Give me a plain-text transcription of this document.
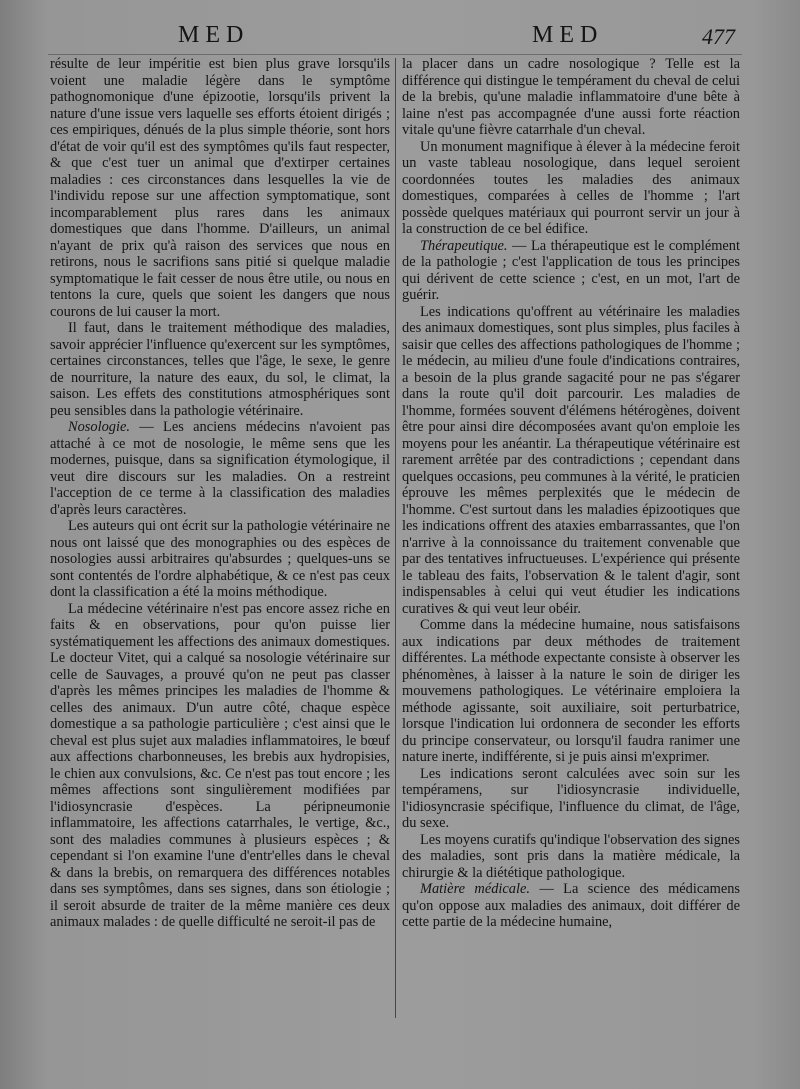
MED	MED	477

résulte de leur impéritie est bien plus grave lorsqu'ils voient une maladie légère dans le symptôme pathognomonique d'une épizootie, lorsqu'ils privent la nature d'une issue vers laquelle ses efforts étoient dirigés ; ces empiriques, dénués de la plus simple théorie, sont hors d'état de voir qu'il est des symptômes qu'ils faut respecter, & que c'est tuer un animal que d'extirper certaines maladies : ces circonstances dans lesquelles la vie de l'individu repose sur une affection symptomatique, sont incomparablement plus rares dans les animaux domestiques que dans l'homme. D'ailleurs, un animal n'ayant de prix qu'à raison des services que nous en retirons, nous le sacrifions sans pitié si quelque maladie symptomatique le fait cesser de nous être utile, ou nous en tentons la cure, quels que soient les dangers que nous courons de lui causer la mort.

Il faut, dans le traitement méthodique des maladies, savoir apprécier l'influence qu'exercent sur les symptômes, certaines circonstances, telles que l'âge, le sexe, le genre de nourriture, la nature des eaux, du sol, le climat, la saison. Les effets des constitutions atmosphériques sont peu sensibles dans la pathologie vétérinaire.

Nosologie. — Les anciens médecins n'avoient pas attaché à ce mot de nosologie, le même sens que les modernes, puisque, dans sa signification étymologique, il veut dire discours sur les maladies. On a restreint l'acception de ce terme à la classification des maladies d'après leurs caractères.

Les auteurs qui ont écrit sur la pathologie vétérinaire ne nous ont laissé que des monographies ou des espèces de nosologies aussi arbitraires qu'absurdes ; quelques-uns se sont contentés de l'ordre alphabétique, & ce n'est pas ceux dont la classification a été la moins méthodique.

La médecine vétérinaire n'est pas encore assez riche en faits & en observations, pour qu'on puisse lier systématiquement les affections des animaux domestiques. Le docteur Vitet, qui a calqué sa nosologie vétérinaire sur celle de Sauvages, a prouvé qu'on ne peut pas classer d'après les mêmes principes les maladies de l'homme & celles des animaux. D'un autre côté, chaque espèce domestique a sa pathologie particulière ; c'est ainsi que le cheval est plus sujet aux maladies inflammatoires, le bœuf aux affections charbonneuses, les brebis aux hydropisies, le chien aux convulsions, &c. Ce n'est pas tout encore ; les mêmes affections sont singulièrement modifiées par l'idiosyncrasie d'espèces. La péripneumonie inflammatoire, les affections catarrhales, le vertige, &c., sont des maladies communes à plusieurs espèces ; & cependant si l'on examine l'une d'entr'elles dans le cheval & dans la brebis, on remarquera des différences notables dans ses symptômes, dans ses signes, dans son étiologie ; il seroit absurde de traiter de la même manière ces deux animaux malades : de quelle difficulté ne seroit-il pas de

la placer dans un cadre nosologique ? Telle est la différence qui distingue le tempérament du cheval de celui de la brebis, qu'une maladie inflammatoire d'une bête à laine n'est pas accompagnée d'une aussi forte réaction vitale qu'une fièvre catarrhale d'un cheval.

Un monument magnifique à élever à la médecine feroit un vaste tableau nosologique, dans lequel seroient coordonnées toutes les maladies des animaux domestiques, comparées à celles de l'homme ; l'art possède quelques matériaux qui pourront servir un jour à la construction de ce bel édifice.

Thérapeutique. — La thérapeutique est le complément de la pathologie ; c'est l'application de tous les principes qui dérivent de cette science ; c'est, en un mot, l'art de guérir.

Les indications qu'offrent au vétérinaire les maladies des animaux domestiques, sont plus simples, plus faciles à saisir que celles des affections pathologiques de l'homme ; le médecin, au milieu d'une foule d'indications contraires, a besoin de la plus grande sagacité pour ne pas s'égarer dans la route qu'il doit parcourir. Les maladies de l'homme, formées souvent d'élémens hétérogènes, doivent être pour ainsi dire décomposées avant qu'on emploie les moyens pour les anéantir. La thérapeutique vétérinaire est rarement arrêtée par des contradictions ; cependant dans quelques occasions, peu communes à la vérité, le praticien éprouve les mêmes perplexités que le médecin de l'homme. C'est surtout dans les maladies épizootiques que les indications offrent des ataxies embarrassantes, que l'on n'arrive à la connoissance du traitement convenable que par des tentatives infructueuses. L'expérience qui présente le tableau des faits, l'observation & le talent d'agir, sont indispensables à celui qui veut étudier les indications curatives & qui veut leur obéir.

Comme dans la médecine humaine, nous satisfaisons aux indications par deux méthodes de traitement différentes. La méthode expectante consiste à observer les phénomènes, à laisser à la nature le soin de diriger les mouvemens pathologiques. Le vétérinaire emploiera la méthode agissante, soit auxiliaire, soit perturbatrice, lorsque l'indication lui ordonnera de seconder les efforts du principe conservateur, ou lorsqu'il faudra ranimer une nature inerte, indifférente, si je puis ainsi m'exprimer.

Les indications seront calculées avec soin sur les tempéramens, sur l'idiosyncrasie individuelle, l'idiosyncrasie spécifique, l'influence du climat, de l'âge, du sexe.

Les moyens curatifs qu'indique l'observation des signes des maladies, sont pris dans la matière médicale, la chirurgie & la diététique pathologique.

Matière médicale. — La science des médicamens qu'on oppose aux maladies des animaux, doit différer de cette partie de la médecine humaine,
